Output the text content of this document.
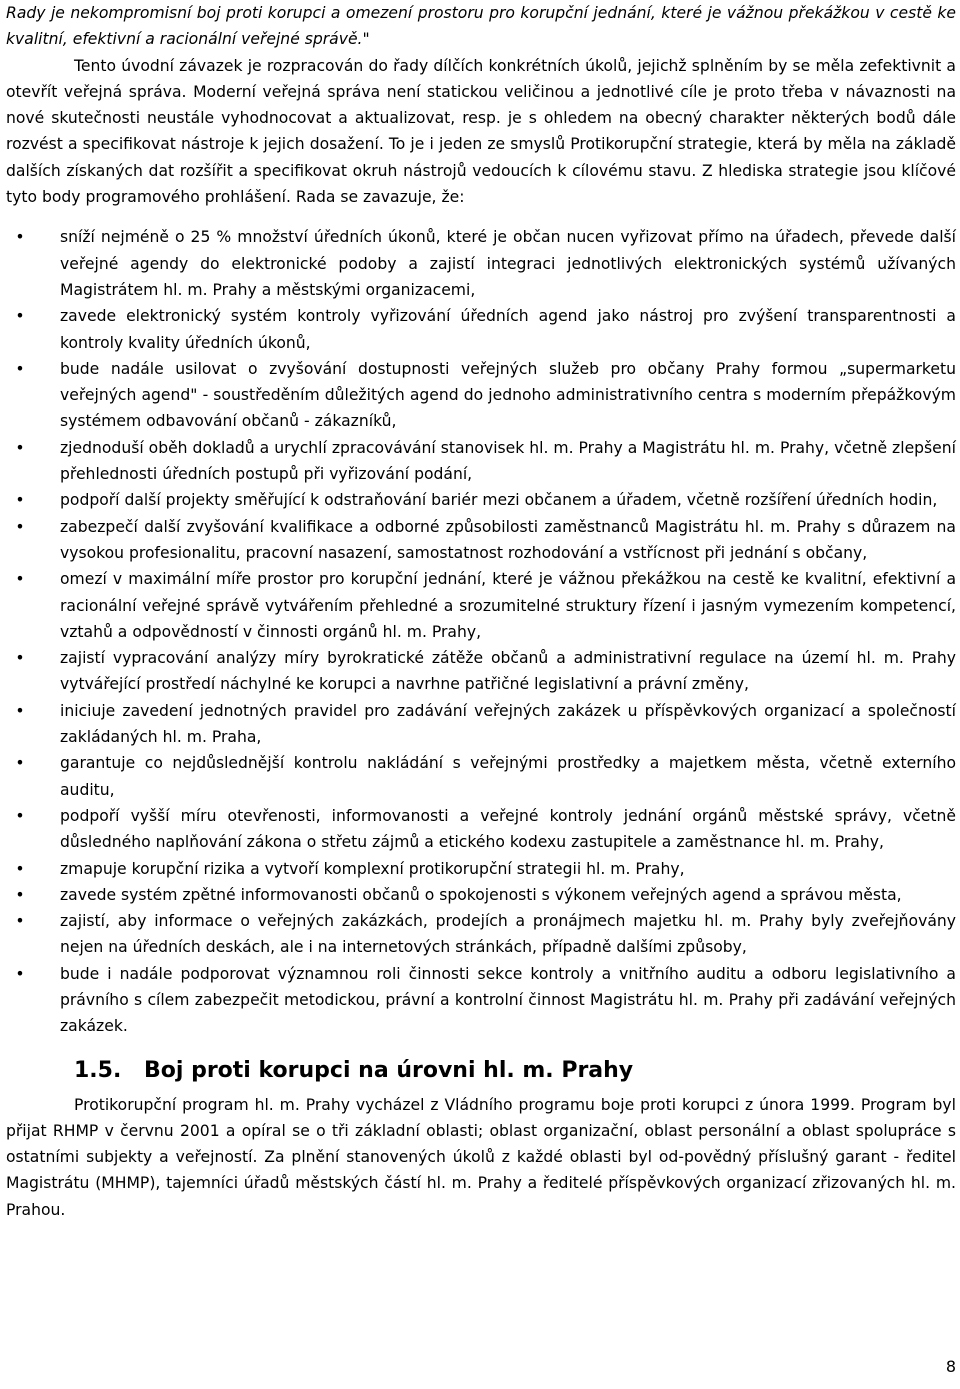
Rady je nekompromisní boj proti korupci a omezení prostoru pro korupční jednání, které je vážnou překážkou v cestě ke kvalitní, efektivní a racionální veřejné správě."

Tento úvodní závazek je rozpracován do řady dílčích konkrétních úkolů, jejichž splněním by se měla zefektivnit a otevřít veřejná správa. Moderní veřejná správa není statickou veličinou a jednotlivé cíle je proto třeba v návaznosti na nové skutečnosti neustále vyhodnocovat a aktualizovat, resp. je s ohledem na obecný charakter některých bodů dále rozvést a specifikovat nástroje k jejich dosažení. To je i jeden ze smyslů Protikorupční strategie, která by měla na základě dalších získaných dat rozšířit a specifikovat okruh nástrojů vedoucích k cílovému stavu. Z hlediska strategie jsou klíčové tyto body programového prohlášení. Rada se zavazuje, že:

• sníží nejméně o 25 % množství úředních úkonů, které je občan nucen vyřizovat přímo na úřadech, převede další veřejné agendy do elektronické podoby a zajistí integraci jednotlivých elektronických systémů užívaných Magistrátem hl. m. Prahy a městskými organizacemi,
• zavede elektronický systém kontroly vyřizování úředních agend jako nástroj pro zvýšení transparentnosti a kontroly kvality úředních úkonů,
• bude nadále usilovat o zvyšování dostupnosti veřejných služeb pro občany Prahy formou „supermarketu veřejných agend" - soustředěním důležitých agend do jednoho administrativního centra s moderním přepážkovým systémem odbavování občanů - zákazníků,
• zjednoduší oběh dokladů a urychlí zpracovávání stanovisek hl. m. Prahy a Magistrátu hl. m. Prahy, včetně zlepšení přehlednosti úředních postupů při vyřizování podání,
• podpoří další projekty směřující k odstraňování bariér mezi občanem a úřadem, včetně rozšíření úředních hodin,
• zabezpečí další zvyšování kvalifikace a odborné způsobilosti zaměstnanců Magistrátu hl. m. Prahy s důrazem na vysokou profesionalitu, pracovní nasazení, samostatnost rozhodování a vstřícnost při jednání s občany,
• omezí v maximální míře prostor pro korupční jednání, které je vážnou překážkou na cestě ke kvalitní, efektivní a racionální veřejné správě vytvářením přehledné a srozumitelné struktury řízení i jasným vymezením kompetencí, vztahů a odpovědností v činnosti orgánů hl. m. Prahy,
• zajistí vypracování analýzy míry byrokratické zátěže občanů a administrativní regulace na území hl. m. Prahy vytvářející prostředí náchylné ke korupci a navrhne patřičné legislativní a právní změny,
• iniciuje zavedení jednotných pravidel pro zadávání veřejných zakázek u příspěvkových organizací a společností zakládaných hl. m. Praha,
• garantuje co nejdůslednější kontrolu nakládání s veřejnými prostředky a majetkem města, včetně externího auditu,
• podpoří vyšší míru otevřenosti, informovanosti a veřejné kontroly jednání orgánů městské správy, včetně důsledného naplňování zákona o střetu zájmů a etického kodexu zastupitele a zaměstnance hl. m. Prahy,
• zmapuje korupční rizika a vytvoří komplexní protikorupční strategii hl. m. Prahy,
• zavede systém zpětné informovanosti občanů o spokojenosti s výkonem veřejných agend a správou města,
• zajistí, aby informace o veřejných zakázkách, prodejích a pronájmech majetku hl. m. Prahy byly zveřejňovány nejen na úředních deskách, ale i na internetových stránkách, případně dalšími způsoby,
• bude i nadále podporovat významnou roli činnosti sekce kontroly a vnitřního auditu a odboru legislativního a právního s cílem zabezpečit metodickou, právní a kontrolní činnost Magistrátu hl. m. Prahy při zadávání veřejných zakázek.
1.5. Boj proti korupci na úrovni hl. m. Prahy

Protikorupční program hl. m. Prahy vycházel z Vládního programu boje proti korupci z února 1999. Program byl přijat RHMP v červnu 2001 a opíral se o tři základní oblasti; oblast organizační, oblast personální a oblast spolupráce s ostatními subjekty a veřejností. Za plnění stanovených úkolů z každé oblasti byl od-povědný příslušný garant - ředitel Magistrátu (MHMP), tajemníci úřadů městských částí hl. m. Prahy a ředitelé příspěvkových organizací zřizovaných hl. m. Prahou.

8
